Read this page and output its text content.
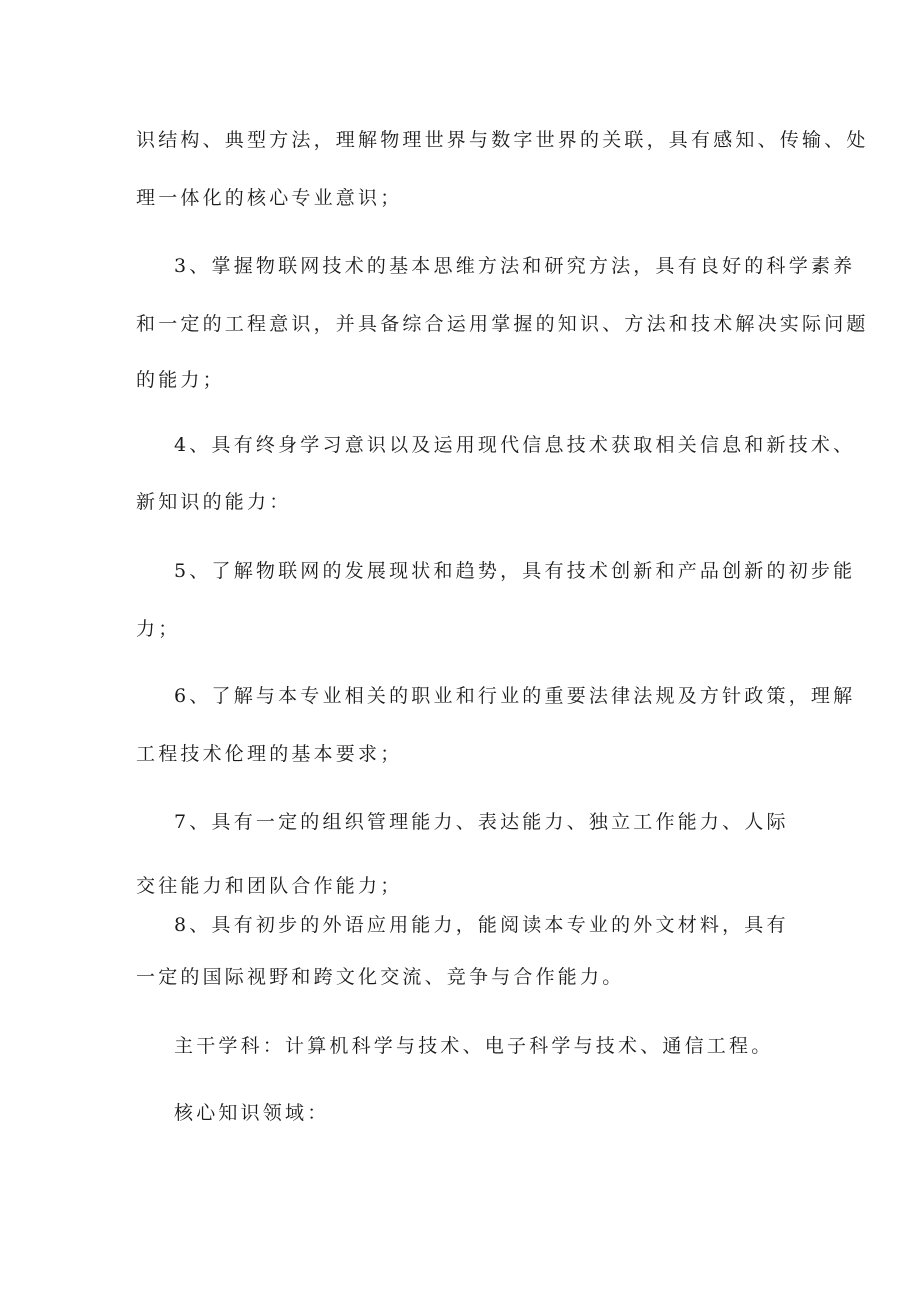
识结构、典型方法，理解物理世界与数字世界的关联，具有感知、传输、处
理一体化的核心专业意识；
3、掌握物联网技术的基本思维方法和研究方法，具有良好的科学素养
和一定的工程意识，并具备综合运用掌握的知识、方法和技术解决实际问题
的能力；
4、具有终身学习意识以及运用现代信息技术获取相关信息和新技术、
新知识的能力：
5、了解物联网的发展现状和趋势，具有技术创新和产品创新的初步能
力；
6、了解与本专业相关的职业和行业的重要法律法规及方针政策，理解
工程技术伦理的基本要求；
7、具有一定的组织管理能力、表达能力、独立工作能力、人际
交往能力和团队合作能力；
8、具有初步的外语应用能力，能阅读本专业的外文材料，具有
一定的国际视野和跨文化交流、竞争与合作能力。
主干学科：计算机科学与技术、电子科学与技术、通信工程。
核心知识领域：
